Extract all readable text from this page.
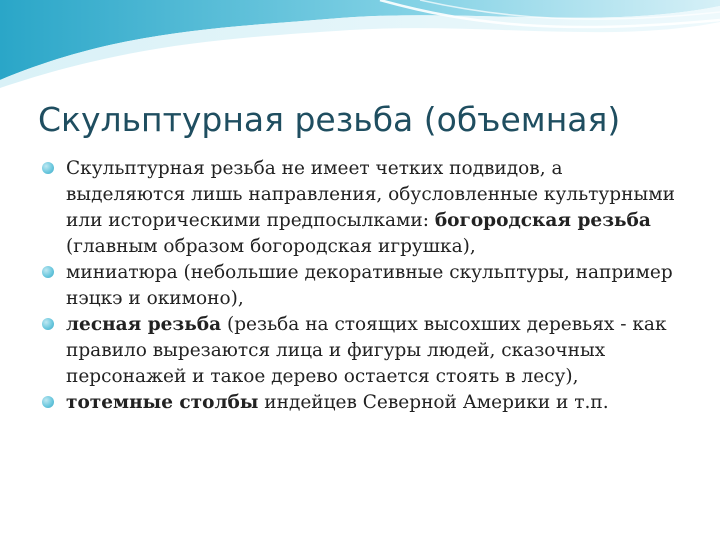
Скульптурная резьба (объемная)
Скульптурная резьба не имеет четких подвидов, а выделяются лишь направления, обусловленные культурными или историческими предпосылками: богородская резьба (главным образом богородская игрушка),
миниатюра (небольшие декоративные скульптуры, например нэцкэ и окимоно),
лесная резьба (резьба на стоящих высохших деревьях - как правило вырезаются лица и фигуры людей, сказочных персонажей и такое дерево остается стоять в лесу),
тотемные столбы индейцев Северной Америки и т.п.
